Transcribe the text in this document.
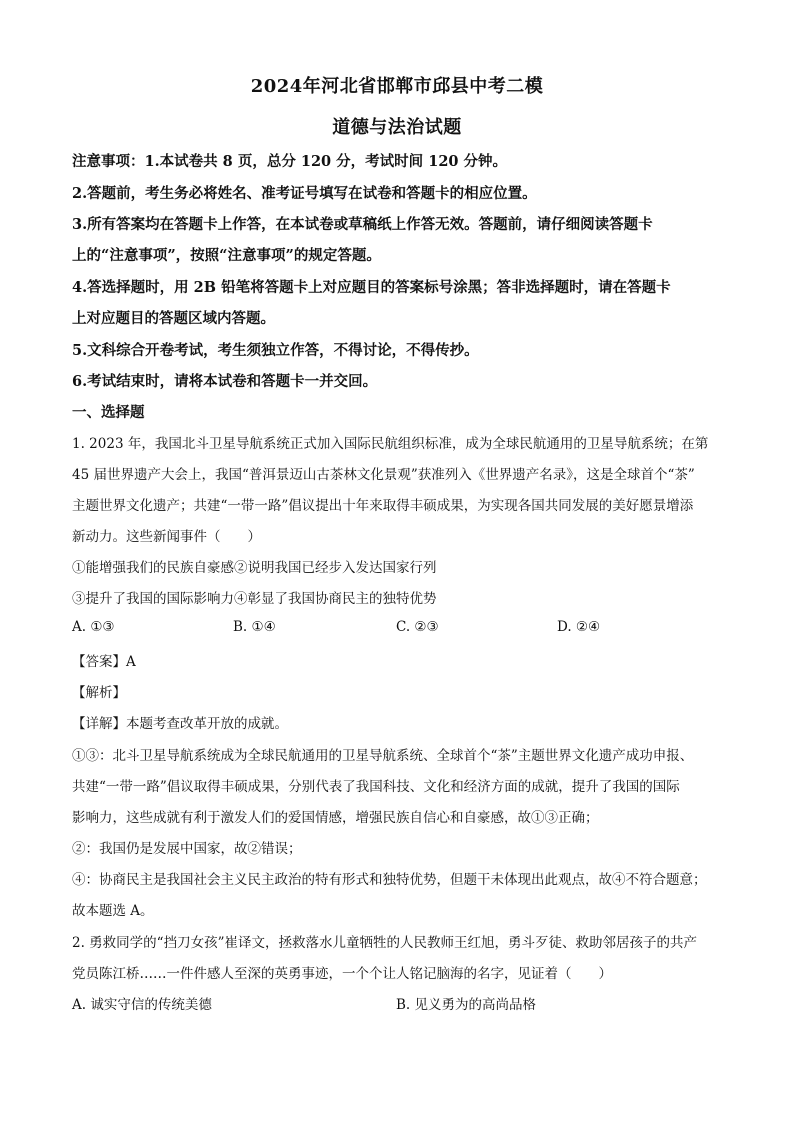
2024年河北省邯郸市邱县中考二模
道德与法治试题
注意事项：1.本试卷共 8 页，总分 120 分，考试时间 120 分钟。
2.答题前，考生务必将姓名、准考证号填写在试卷和答题卡的相应位置。
3.所有答案均在答题卡上作答，在本试卷或草稿纸上作答无效。答题前，请仔细阅读答题卡
上的“注意事项”，按照“注意事项”的规定答题。
4.答选择题时，用 2B 铅笔将答题卡上对应题目的答案标号涂黑；答非选择题时，请在答题卡
上对应题目的答题区域内答题。
5.文科综合开卷考试，考生须独立作答，不得讨论，不得传抄。
6.考试结束时，请将本试卷和答题卡一并交回。
一、选择题
1. 2023 年，我国北斗卫星导航系统正式加入国际民航组织标准，成为全球民航通用的卫星导航系统；在第
45 届世界遗产大会上，我国“普洱景迈山古茶林文化景观”获准列入《世界遗产名录》，这是全球首个“茶”
主题世界文化遗产；共建“一带一路”倡议提出十年来取得丰硕成果，为实现各国共同发展的美好愿景增添
新动力。这些新闻事件（　　）
①能增强我们的民族自豪感②说明我国已经步入发达国家行列
③提升了我国的国际影响力④彰显了我国协商民主的独特优势
A. ①③	B. ①④	C. ②③	D. ②④
【答案】A
【解析】
【详解】本题考查改革开放的成就。
①③：北斗卫星导航系统成为全球民航通用的卫星导航系统、全球首个“茶”主题世界文化遗产成功申报、
共建“一带一路”倡议取得丰硕成果，分别代表了我国科技、文化和经济方面的成就，提升了我国的国际
影响力，这些成就有利于激发人们的爱国情感，增强民族自信心和自豪感，故①③正确；
②：我国仍是发展中国家，故②错误；
④：协商民主是我国社会主义民主政治的特有形式和独特优势，但题干未体现出此观点，故④不符合题意；
故本题选 A。
2. 勇救同学的“挡刀女孩”崔译文，拯救落水儿童牺牲的人民教师王红旭，勇斗歹徒、救助邻居孩子的共产
党员陈江桥……一件件感人至深的英勇事迹，一个个让人铭记脑海的名字，见证着（　　）
A. 诚实守信的传统美德	B. 见义勇为的高尚品格
